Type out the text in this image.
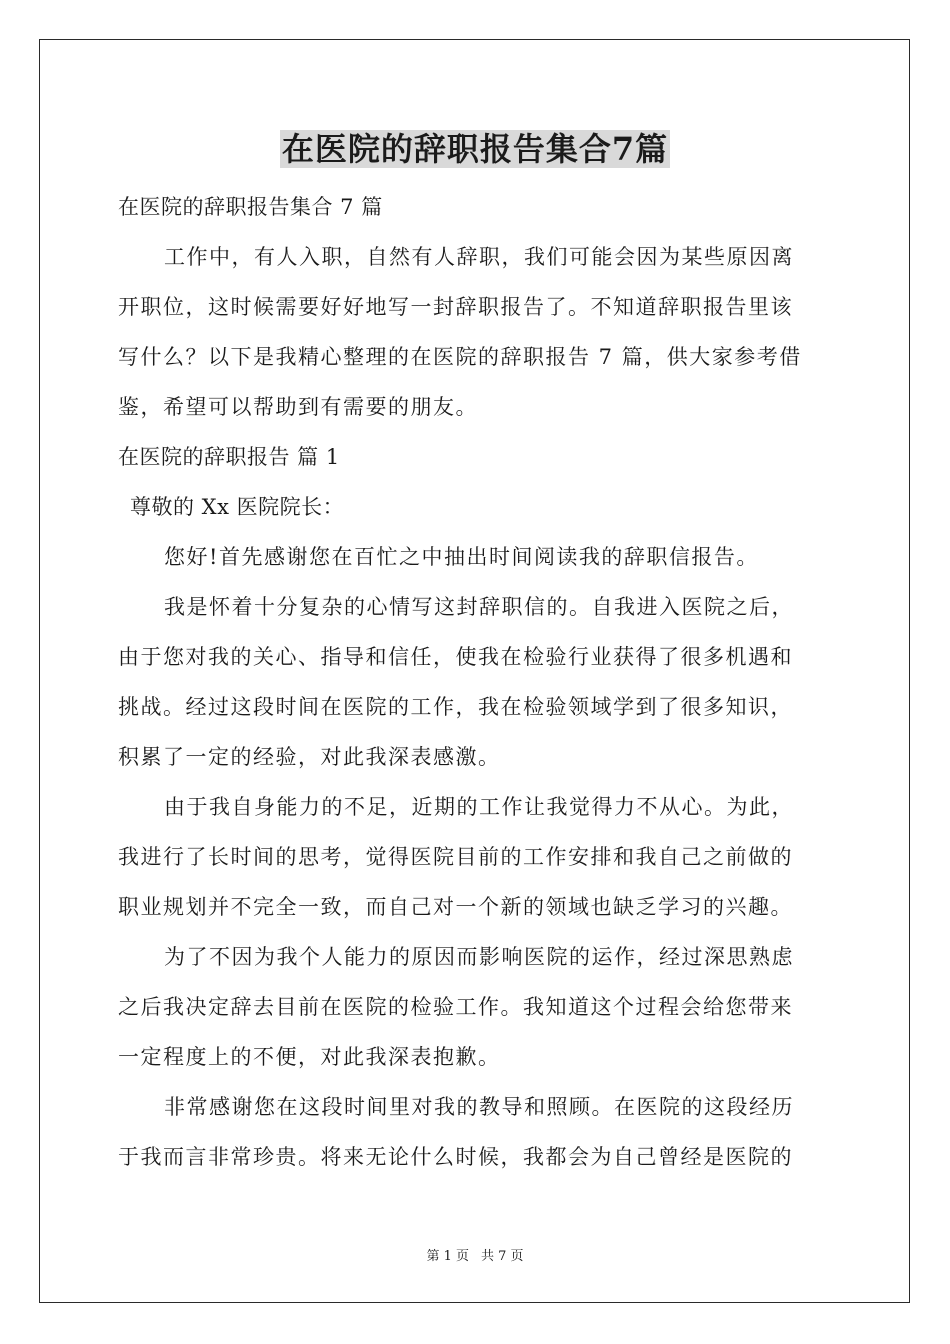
在医院的辞职报告集合7篇
在医院的辞职报告集合 7 篇
工作中，有人入职，自然有人辞职，我们可能会因为某些原因离
开职位，这时候需要好好地写一封辞职报告了。不知道辞职报告里该
写什么？以下是我精心整理的在医院的辞职报告 7 篇，供大家参考借
鉴，希望可以帮助到有需要的朋友。
在医院的辞职报告 篇 1
尊敬的 Xx 医院院长：
您好!首先感谢您在百忙之中抽出时间阅读我的辞职信报告。
我是怀着十分复杂的心情写这封辞职信的。自我进入医院之后，
由于您对我的关心、指导和信任，使我在检验行业获得了很多机遇和
挑战。经过这段时间在医院的工作，我在检验领域学到了很多知识，
积累了一定的经验，对此我深表感激。
由于我自身能力的不足，近期的工作让我觉得力不从心。为此，
我进行了长时间的思考，觉得医院目前的工作安排和我自己之前做的
职业规划并不完全一致，而自己对一个新的领域也缺乏学习的兴趣。
为了不因为我个人能力的原因而影响医院的运作，经过深思熟虑
之后我决定辞去目前在医院的检验工作。我知道这个过程会给您带来
一定程度上的不便，对此我深表抱歉。
非常感谢您在这段时间里对我的教导和照顾。在医院的这段经历
于我而言非常珍贵。将来无论什么时候，我都会为自己曾经是医院的
第 1 页 共 7 页
